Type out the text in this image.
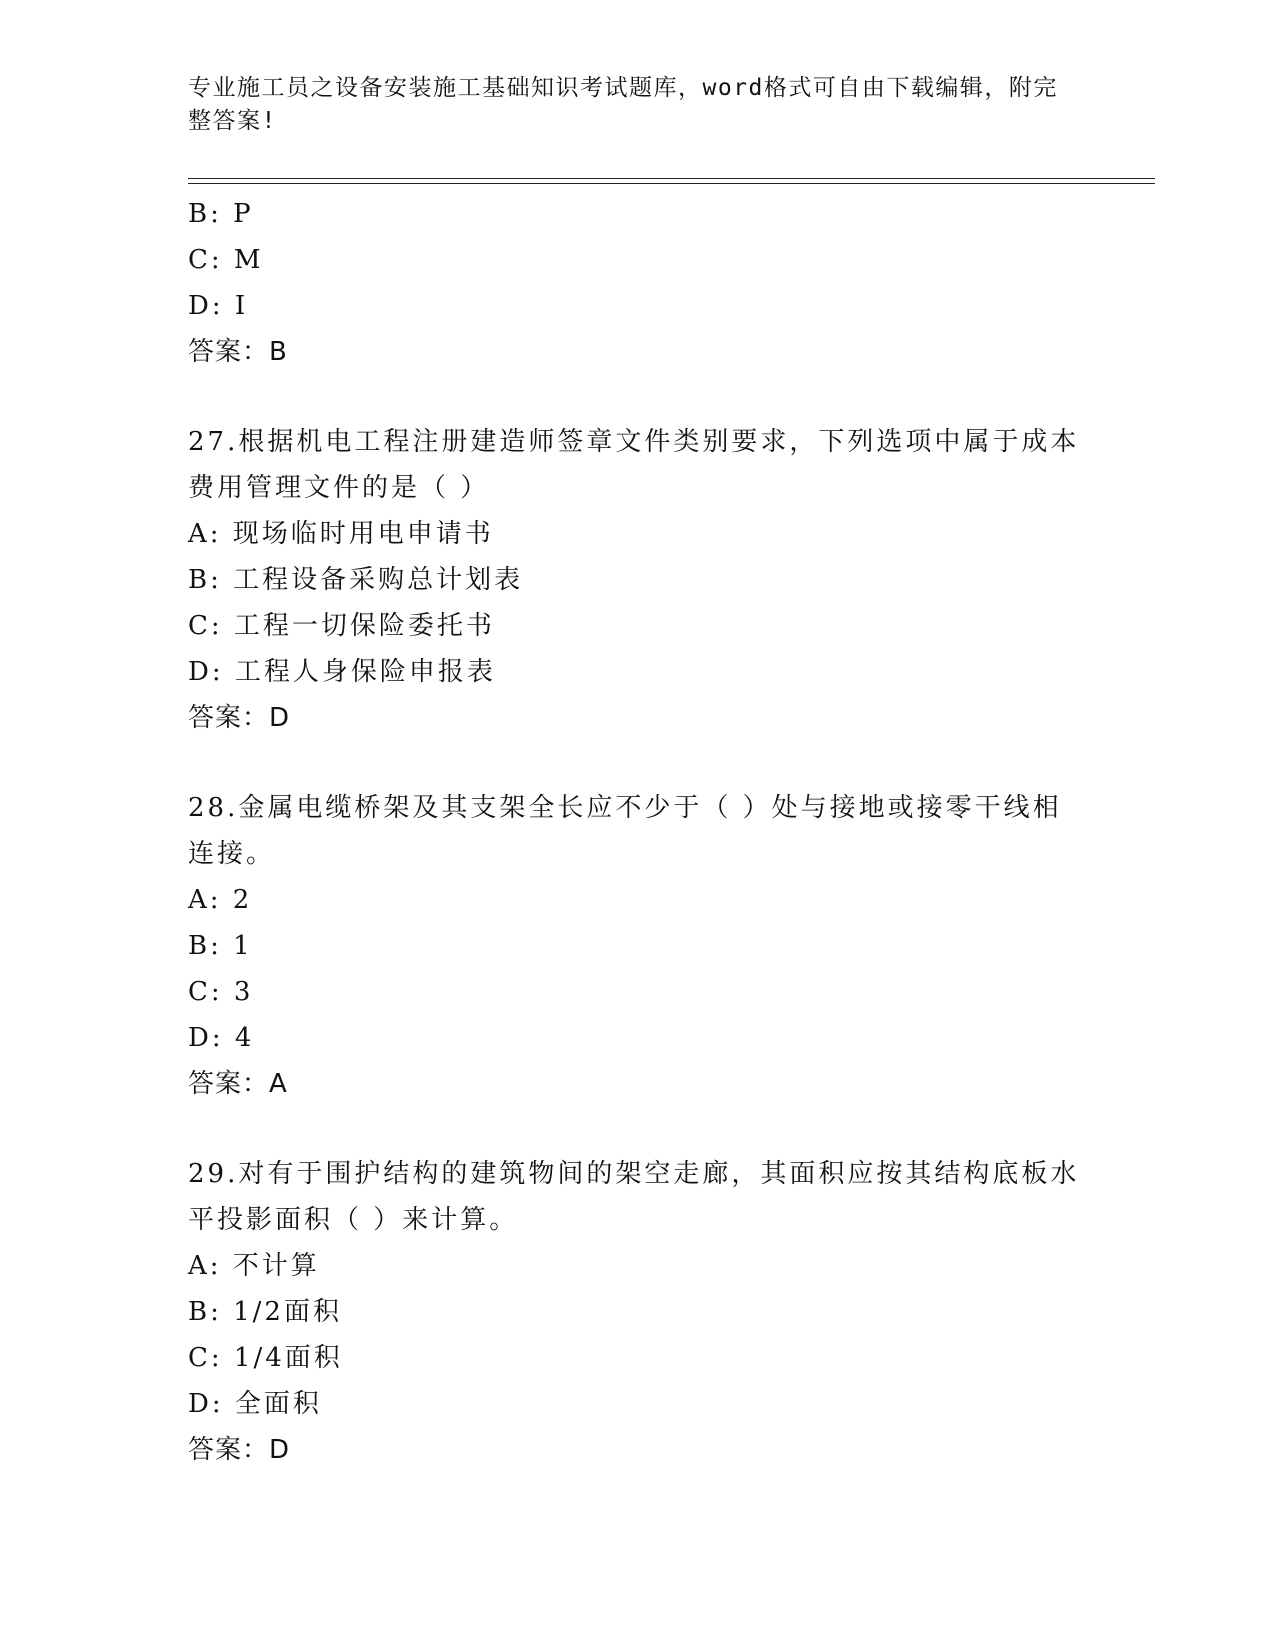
专业施工员之设备安装施工基础知识考试题库，word格式可自由下载编辑，附完
整答案!
B: P
C: M
D: I
答案：B
27.根据机电工程注册建造师签章文件类别要求，下列选项中属于成本
费用管理文件的是（ ）
A: 现场临时用电申请书
B: 工程设备采购总计划表
C: 工程一切保险委托书
D: 工程人身保险申报表
答案：D
28.金属电缆桥架及其支架全长应不少于（ ）处与接地或接零干线相
连接。
A: 2
B: 1
C: 3
D: 4
答案：A
29.对有于围护结构的建筑物间的架空走廊，其面积应按其结构底板水
平投影面积（ ）来计算。
A: 不计算
B: 1/2面积
C: 1/4面积
D: 全面积
答案：D
